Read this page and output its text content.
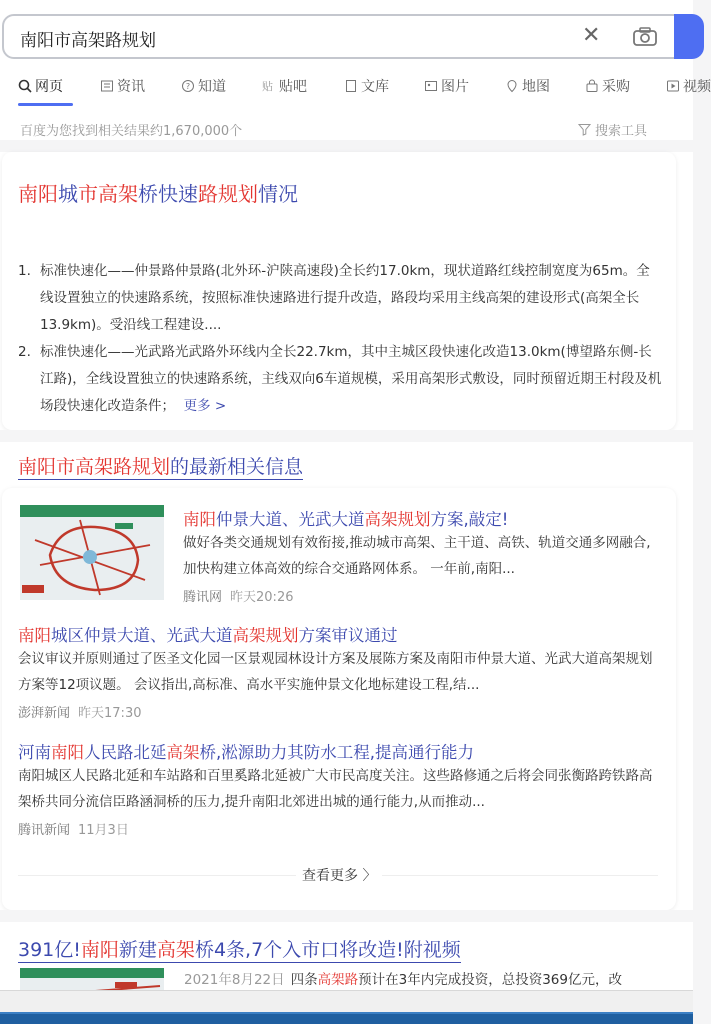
南阳市高架路规划	✕
网页	资讯	? 知道	贴 贴吧	文库	图片	地图	采购	视频
百度为您找到相关结果约1,670,000个	搜索工具
南阳城市高架桥快速路规划情况
1. 标准快速化——仲景路仲景路(北外环-沪陕高速段)全长约17.0km，现状道路红线控制宽度为65m。全线设置独立的快速路系统，按照标准快速路进行提升改造，路段均采用主线高架的建设形式(高架全长13.9km)。受沿线工程建设....
2. 标准快速化——光武路光武路外环线内全长22.7km，其中主城区段快速化改造13.0km(博望路东侧-长江路)，全线设置独立的快速路系统，主线双向6车道规模，采用高架形式敷设，同时预留近期王村段及机场段快速化改造条件； 更多 >
南阳市高架路规划的最新相关信息
南阳仲景大道、光武大道高架规划方案,敲定!
做好各类交通规划有效衔接,推动城市高架、主干道、高铁、轨道交通多网融合,加快构建立体高效的综合交通路网体系。 一年前,南阳...
腾讯网 昨天20:26
南阳城区仲景大道、光武大道高架规划方案审议通过
会议审议并原则通过了医圣文化园一区景观园林设计方案及展陈方案及南阳市仲景大道、光武大道高架规划方案等12项议题。 会议指出,高标准、高水平实施仲景文化地标建设工程,结...
澎湃新闻 昨天17:30
河南南阳人民路北延高架桥,淞源助力其防水工程,提高通行能力
南阳城区人民路北延和车站路和百里奚路北延被广大市民高度关注。这些路修通之后将会同张衡路跨铁路高架桥共同分流信臣路涵洞桥的压力,提升南阳北郊进出城的通行能力,从而推动...
腾讯新闻 11月3日
查看更多 〉
391亿!南阳新建高架桥4条,7个入市口将改造!附视频
2021年8月22日 四条高架路预计在3年内完成投资，总投资369亿元，改
